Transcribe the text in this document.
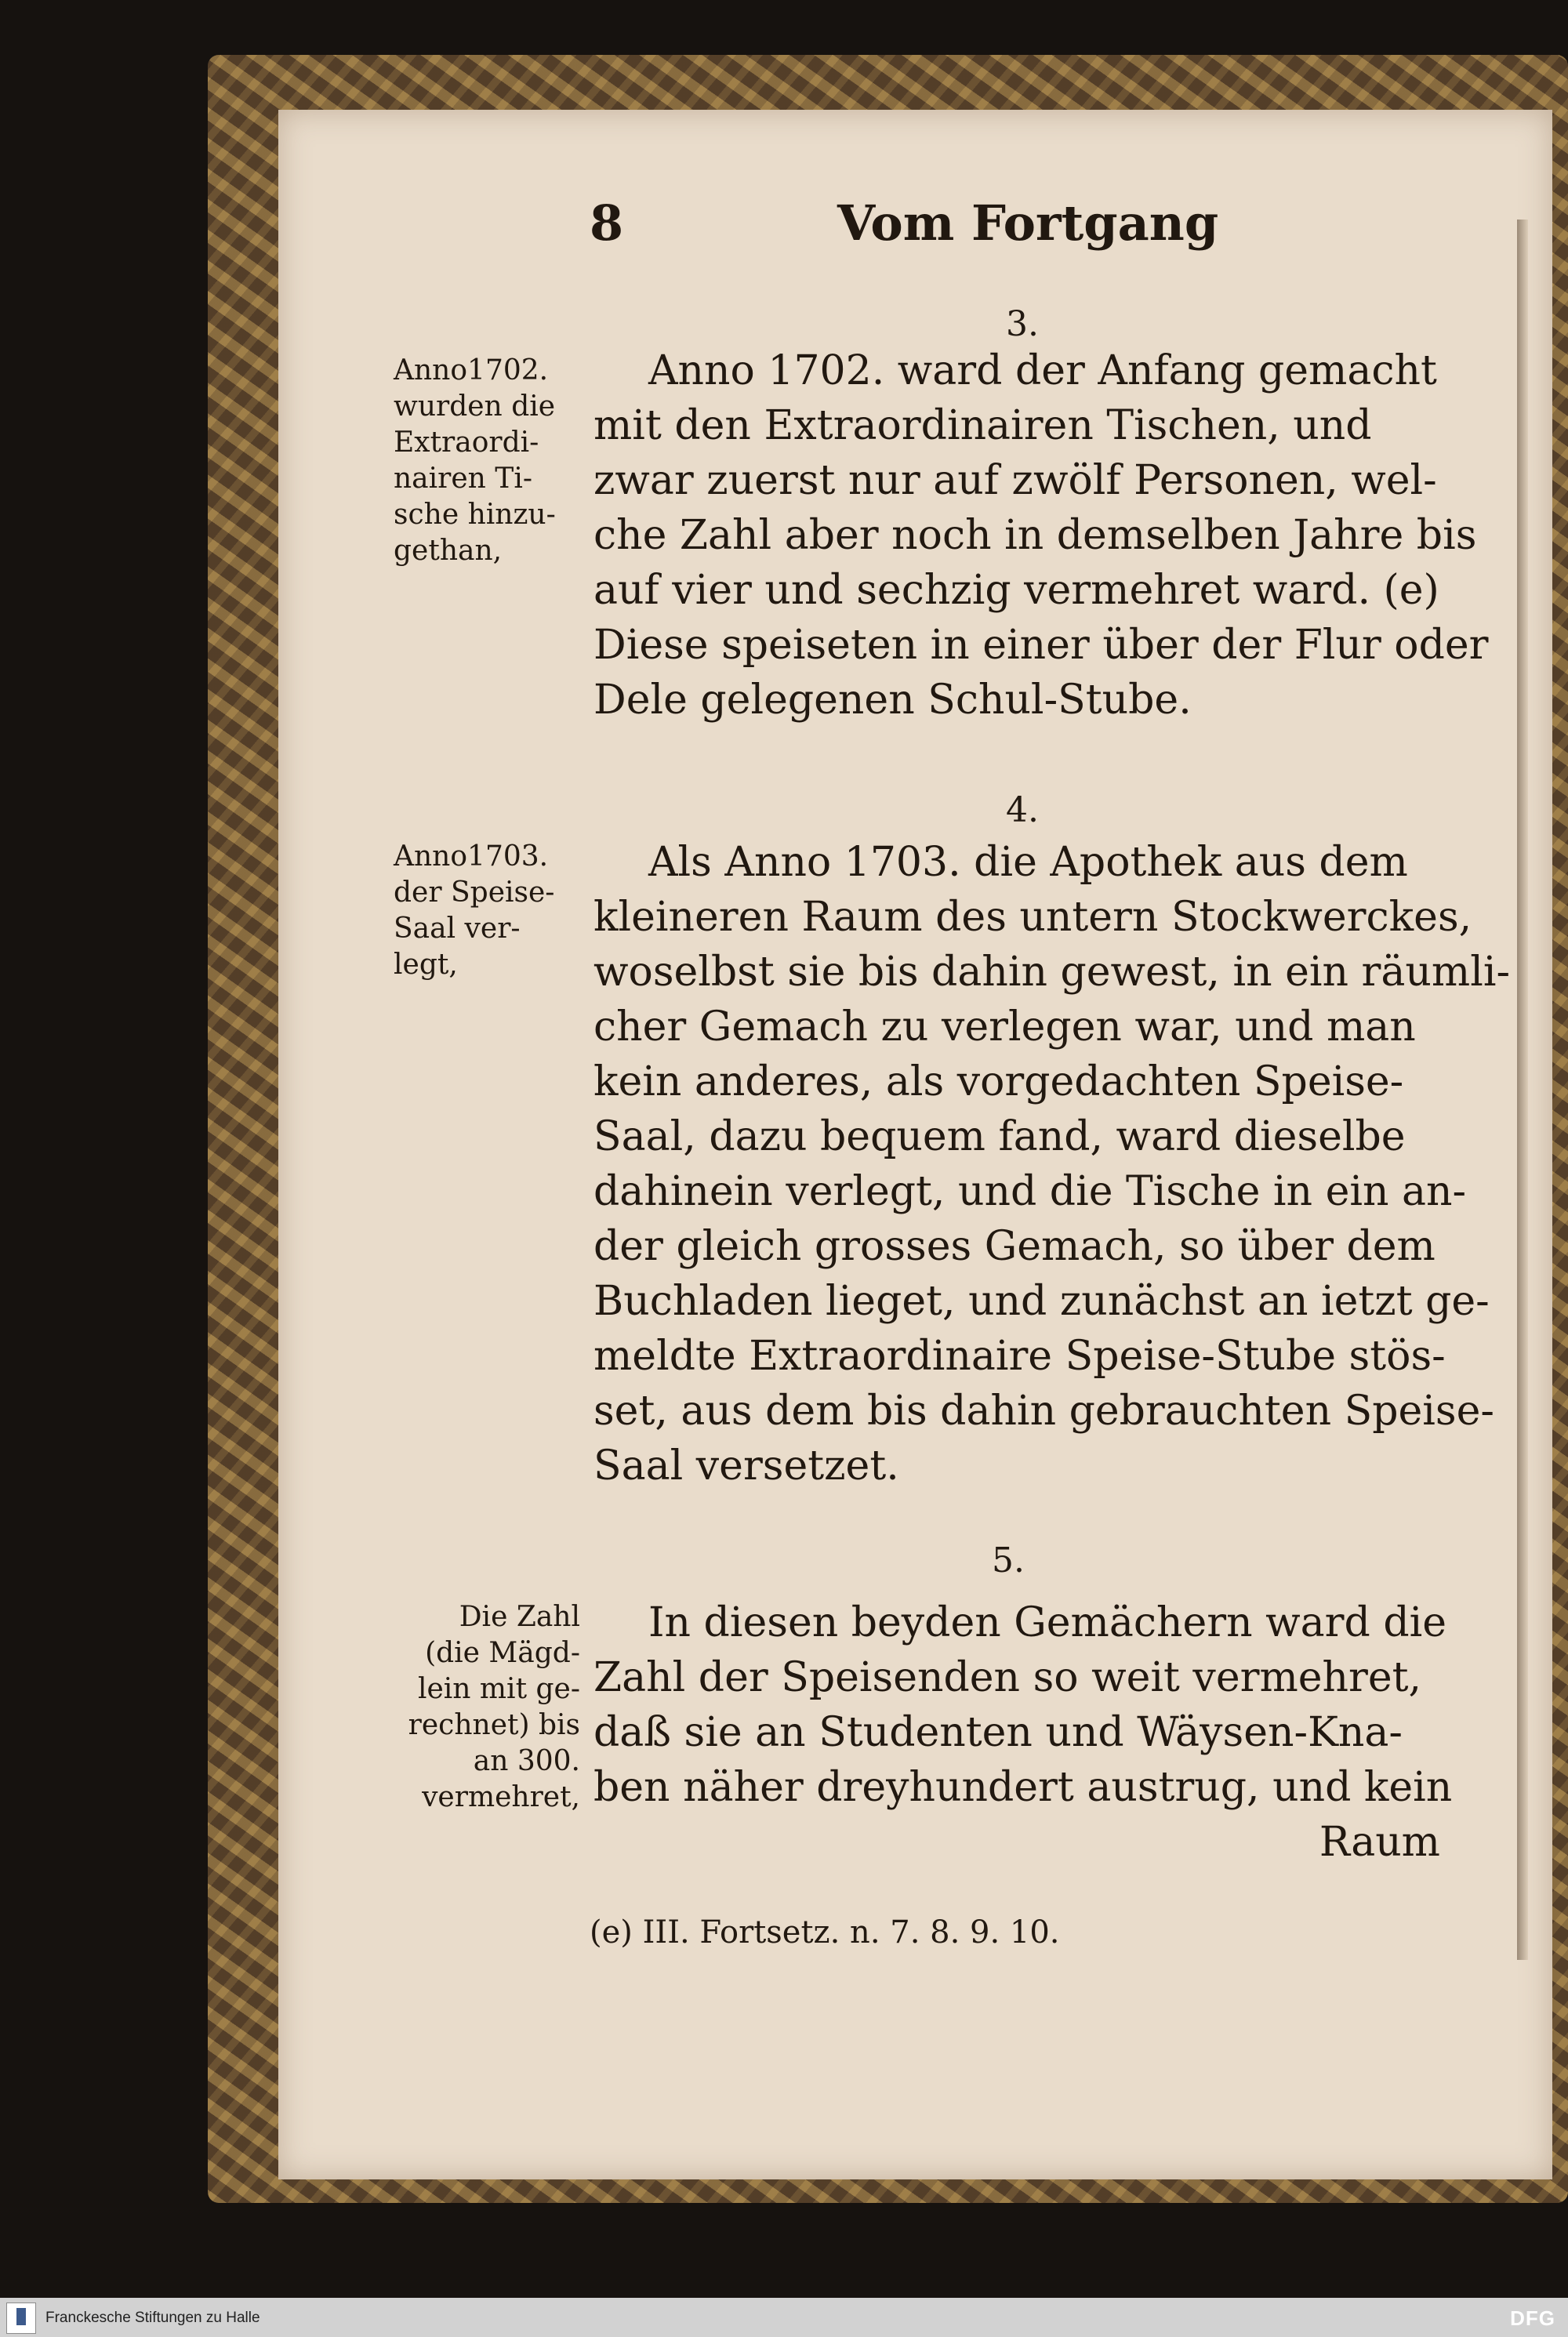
8	Vom Fortgang
3.
Anno1702.
wurden die
Extraordi-
nairen Ti-
sche hinzu-
gethan,
Anno 1702. ward der Anfang gemacht
mit den Extraordinairen Tischen, und
zwar zuerst nur auf zwölf Personen, wel-
che Zahl aber noch in demselben Jahre bis
auf vier und sechzig vermehret ward. (e)
Diese speiseten in einer über der Flur oder
Dele gelegenen Schul-Stube.
4.
Anno1703.
der Speise-
Saal ver-
legt,
Als Anno 1703. die Apothek aus dem
kleineren Raum des untern Stockwerckes,
woselbst sie bis dahin gewest, in ein räumli-
cher Gemach zu verlegen war, und man
kein anderes, als vorgedachten Speise-
Saal, dazu bequem fand, ward dieselbe
dahinein verlegt, und die Tische in ein an-
der gleich grosses Gemach, so über dem
Buchladen lieget, und zunächst an ietzt ge-
meldte Extraordinaire Speise-Stube stös-
set, aus dem bis dahin gebrauchten Speise-
Saal versetzet.
5.
Die Zahl
(die Mägd-
lein mit ge-
rechnet) bis
an 300.
vermehret,
In diesen beyden Gemächern ward die
Zahl der Speisenden so weit vermehret,
daß sie an Studenten und Wäysen-Kna-
ben näher dreyhundert austrug, und kein
Raum
(e) III. Fortsetz. n. 7. 8. 9. 10.
Franckesche Stiftungen zu Halle	DFG
